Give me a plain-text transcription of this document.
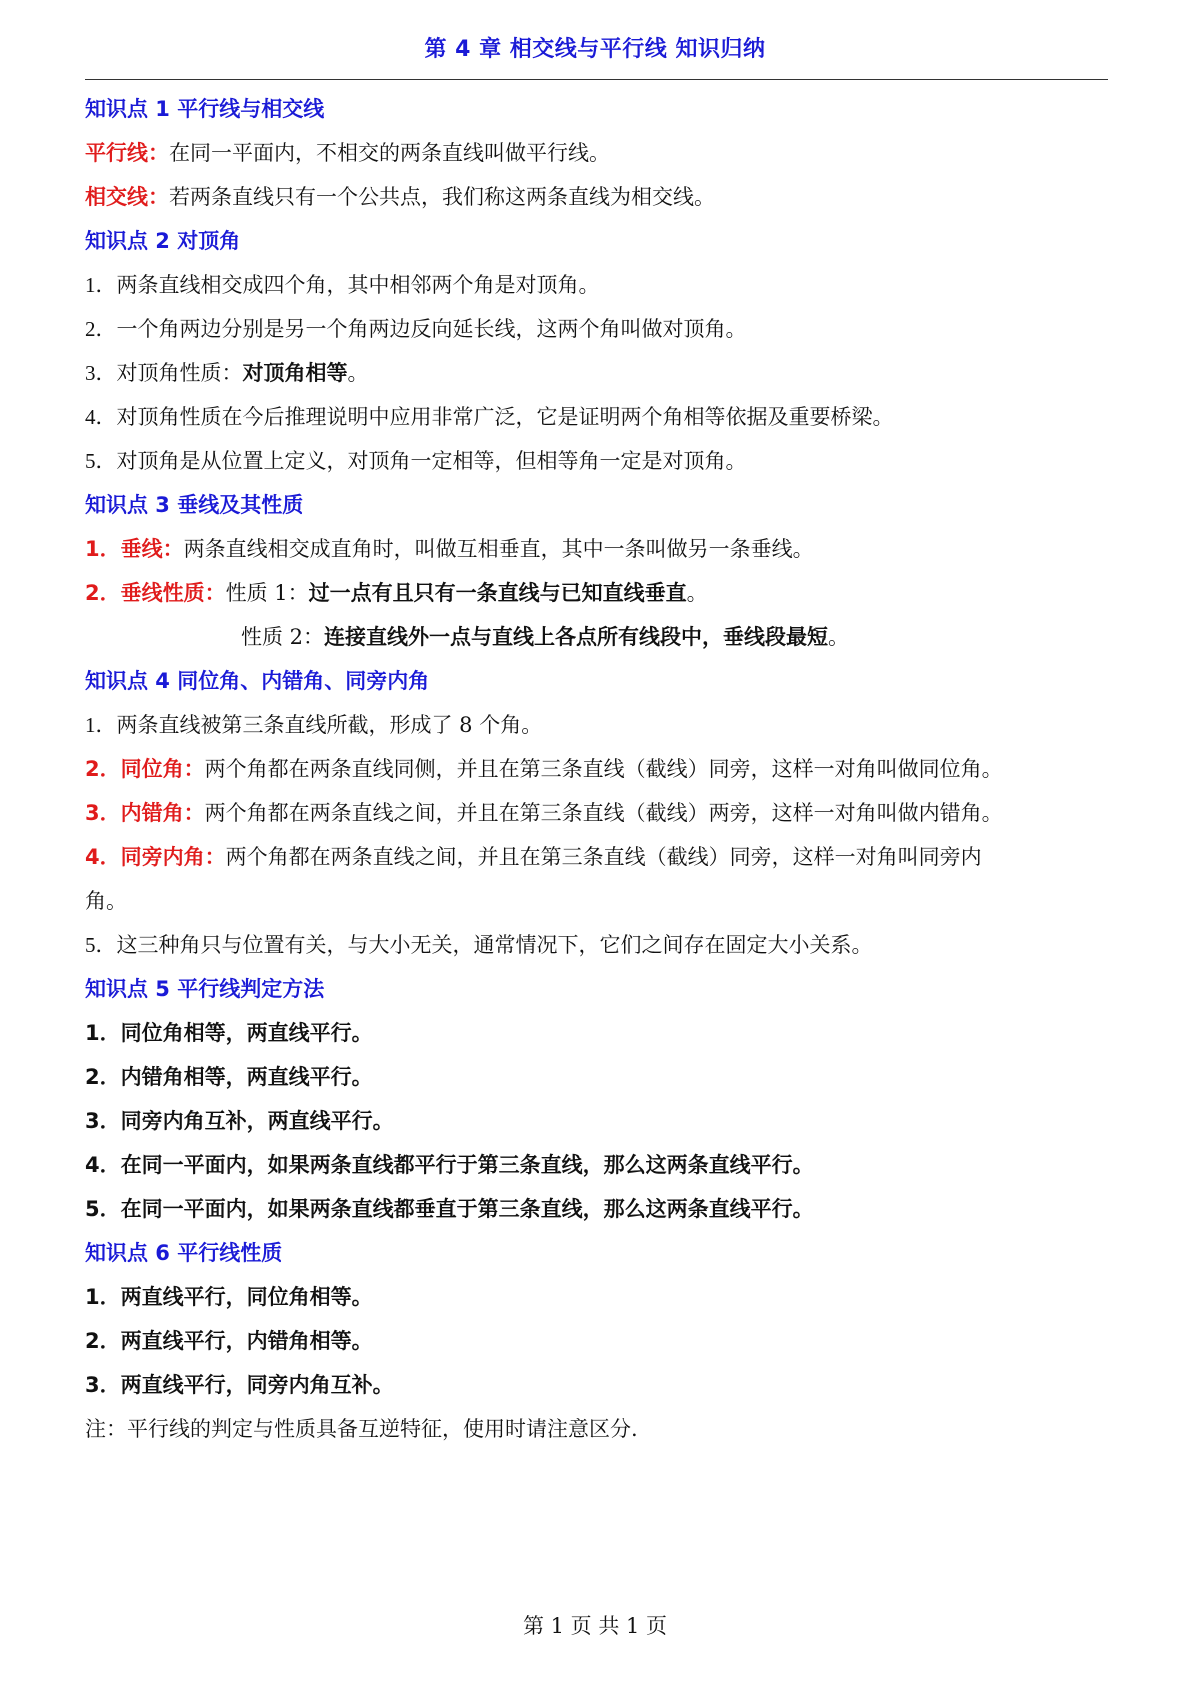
第 4 章 相交线与平行线 知识归纳
知识点 1 平行线与相交线
平行线：在同一平面内，不相交的两条直线叫做平行线。
相交线：若两条直线只有一个公共点，我们称这两条直线为相交线。
知识点 2 对顶角
1．两条直线相交成四个角，其中相邻两个角是对顶角。
2．一个角两边分别是另一个角两边反向延长线，这两个角叫做对顶角。
3．对顶角性质：对顶角相等。
4．对顶角性质在今后推理说明中应用非常广泛，它是证明两个角相等依据及重要桥梁。
5．对顶角是从位置上定义，对顶角一定相等，但相等角一定是对顶角。
知识点 3 垂线及其性质
1．垂线：两条直线相交成直角时，叫做互相垂直，其中一条叫做另一条垂线。
2．垂线性质：性质 1：过一点有且只有一条直线与已知直线垂直。
性质 2：连接直线外一点与直线上各点所有线段中，垂线段最短。
知识点 4 同位角、内错角、同旁内角
1．两条直线被第三条直线所截，形成了 8 个角。
2．同位角：两个角都在两条直线同侧，并且在第三条直线（截线）同旁，这样一对角叫做同位角。
3．内错角：两个角都在两条直线之间，并且在第三条直线（截线）两旁，这样一对角叫做内错角。
4．同旁内角：两个角都在两条直线之间，并且在第三条直线（截线）同旁，这样一对角叫同旁内
角。
5．这三种角只与位置有关，与大小无关，通常情况下，它们之间存在固定大小关系。
知识点 5 平行线判定方法
1．同位角相等，两直线平行。
2．内错角相等，两直线平行。
3．同旁内角互补，两直线平行。
4．在同一平面内，如果两条直线都平行于第三条直线，那么这两条直线平行。
5．在同一平面内，如果两条直线都垂直于第三条直线，那么这两条直线平行。
知识点 6 平行线性质
1．两直线平行，同位角相等。
2．两直线平行，内错角相等。
3．两直线平行，同旁内角互补。
注：平行线的判定与性质具备互逆特征，使用时请注意区分.
第 1 页 共 1 页
